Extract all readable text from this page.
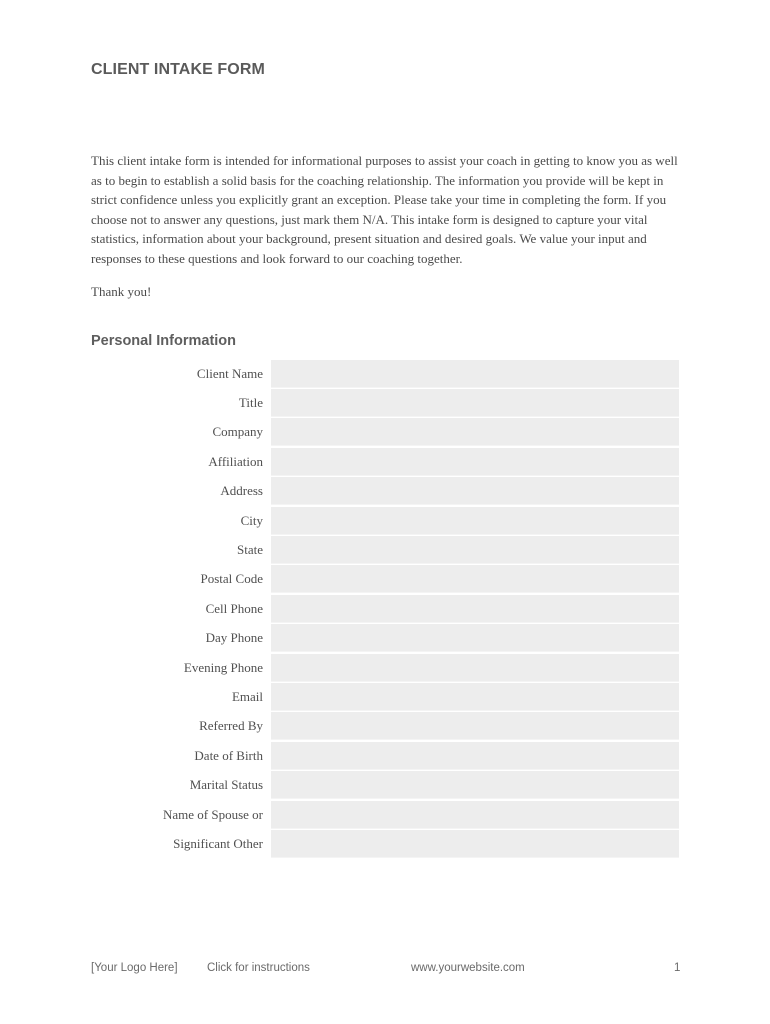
CLIENT INTAKE FORM

This client intake form is intended for informational purposes to assist your coach in getting to know you as well as to begin to establish a solid basis for the coaching relationship. The information you provide will be kept in strict confidence unless you explicitly grant an exception. Please take your time in completing the form. If you choose not to answer any questions, just mark them N/A. This intake form is designed to capture your vital statistics, information about your background, present situation and desired goals. We value your input and responses to these questions and look forward to our coaching together.

Thank you!

Personal Information
Client Name
Title
Company
Affiliation
Address
City
State
Postal Code
Cell Phone
Day Phone
Evening Phone
Email
Referred By
Date of Birth
Marital Status
Name of Spouse or
Significant Other
[Your Logo Here]	Click for instructions	www.yourwebsite.com	1
